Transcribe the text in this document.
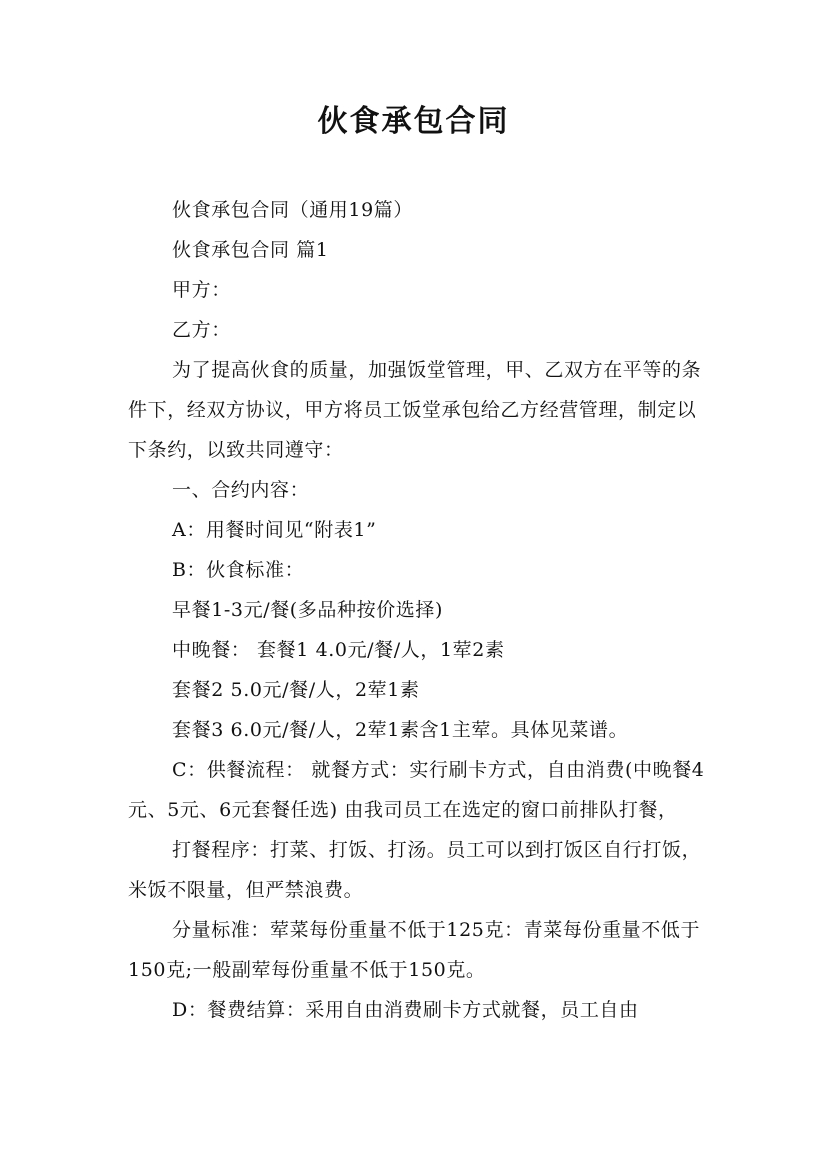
伙食承包合同

伙食承包合同（通用19篇）

伙食承包合同 篇1

甲方：

乙方：

为了提高伙食的质量，加强饭堂管理，甲、乙双方在平等的条件下，经双方协议，甲方将员工饭堂承包给乙方经营管理，制定以下条约，以致共同遵守：

一、合约内容：

A：用餐时间见“附表1”

B：伙食标准：

早餐1-3元/餐(多品种按价选择)

中晚餐： 套餐1 4.0元/餐/人，1荤2素

套餐2 5.0元/餐/人，2荤1素

套餐3 6.0元/餐/人，2荤1素含1主荤。具体见菜谱。

C：供餐流程： 就餐方式：实行刷卡方式，自由消费(中晚餐4元、5元、6元套餐任选) 由我司员工在选定的窗口前排队打餐，

打餐程序：打菜、打饭、打汤。员工可以到打饭区自行打饭，米饭不限量，但严禁浪费。

分量标准：荤菜每份重量不低于125克：青菜每份重量不低于150克;一般副荤每份重量不低于150克。

D：餐费结算：采用自由消费刷卡方式就餐，员工自由
